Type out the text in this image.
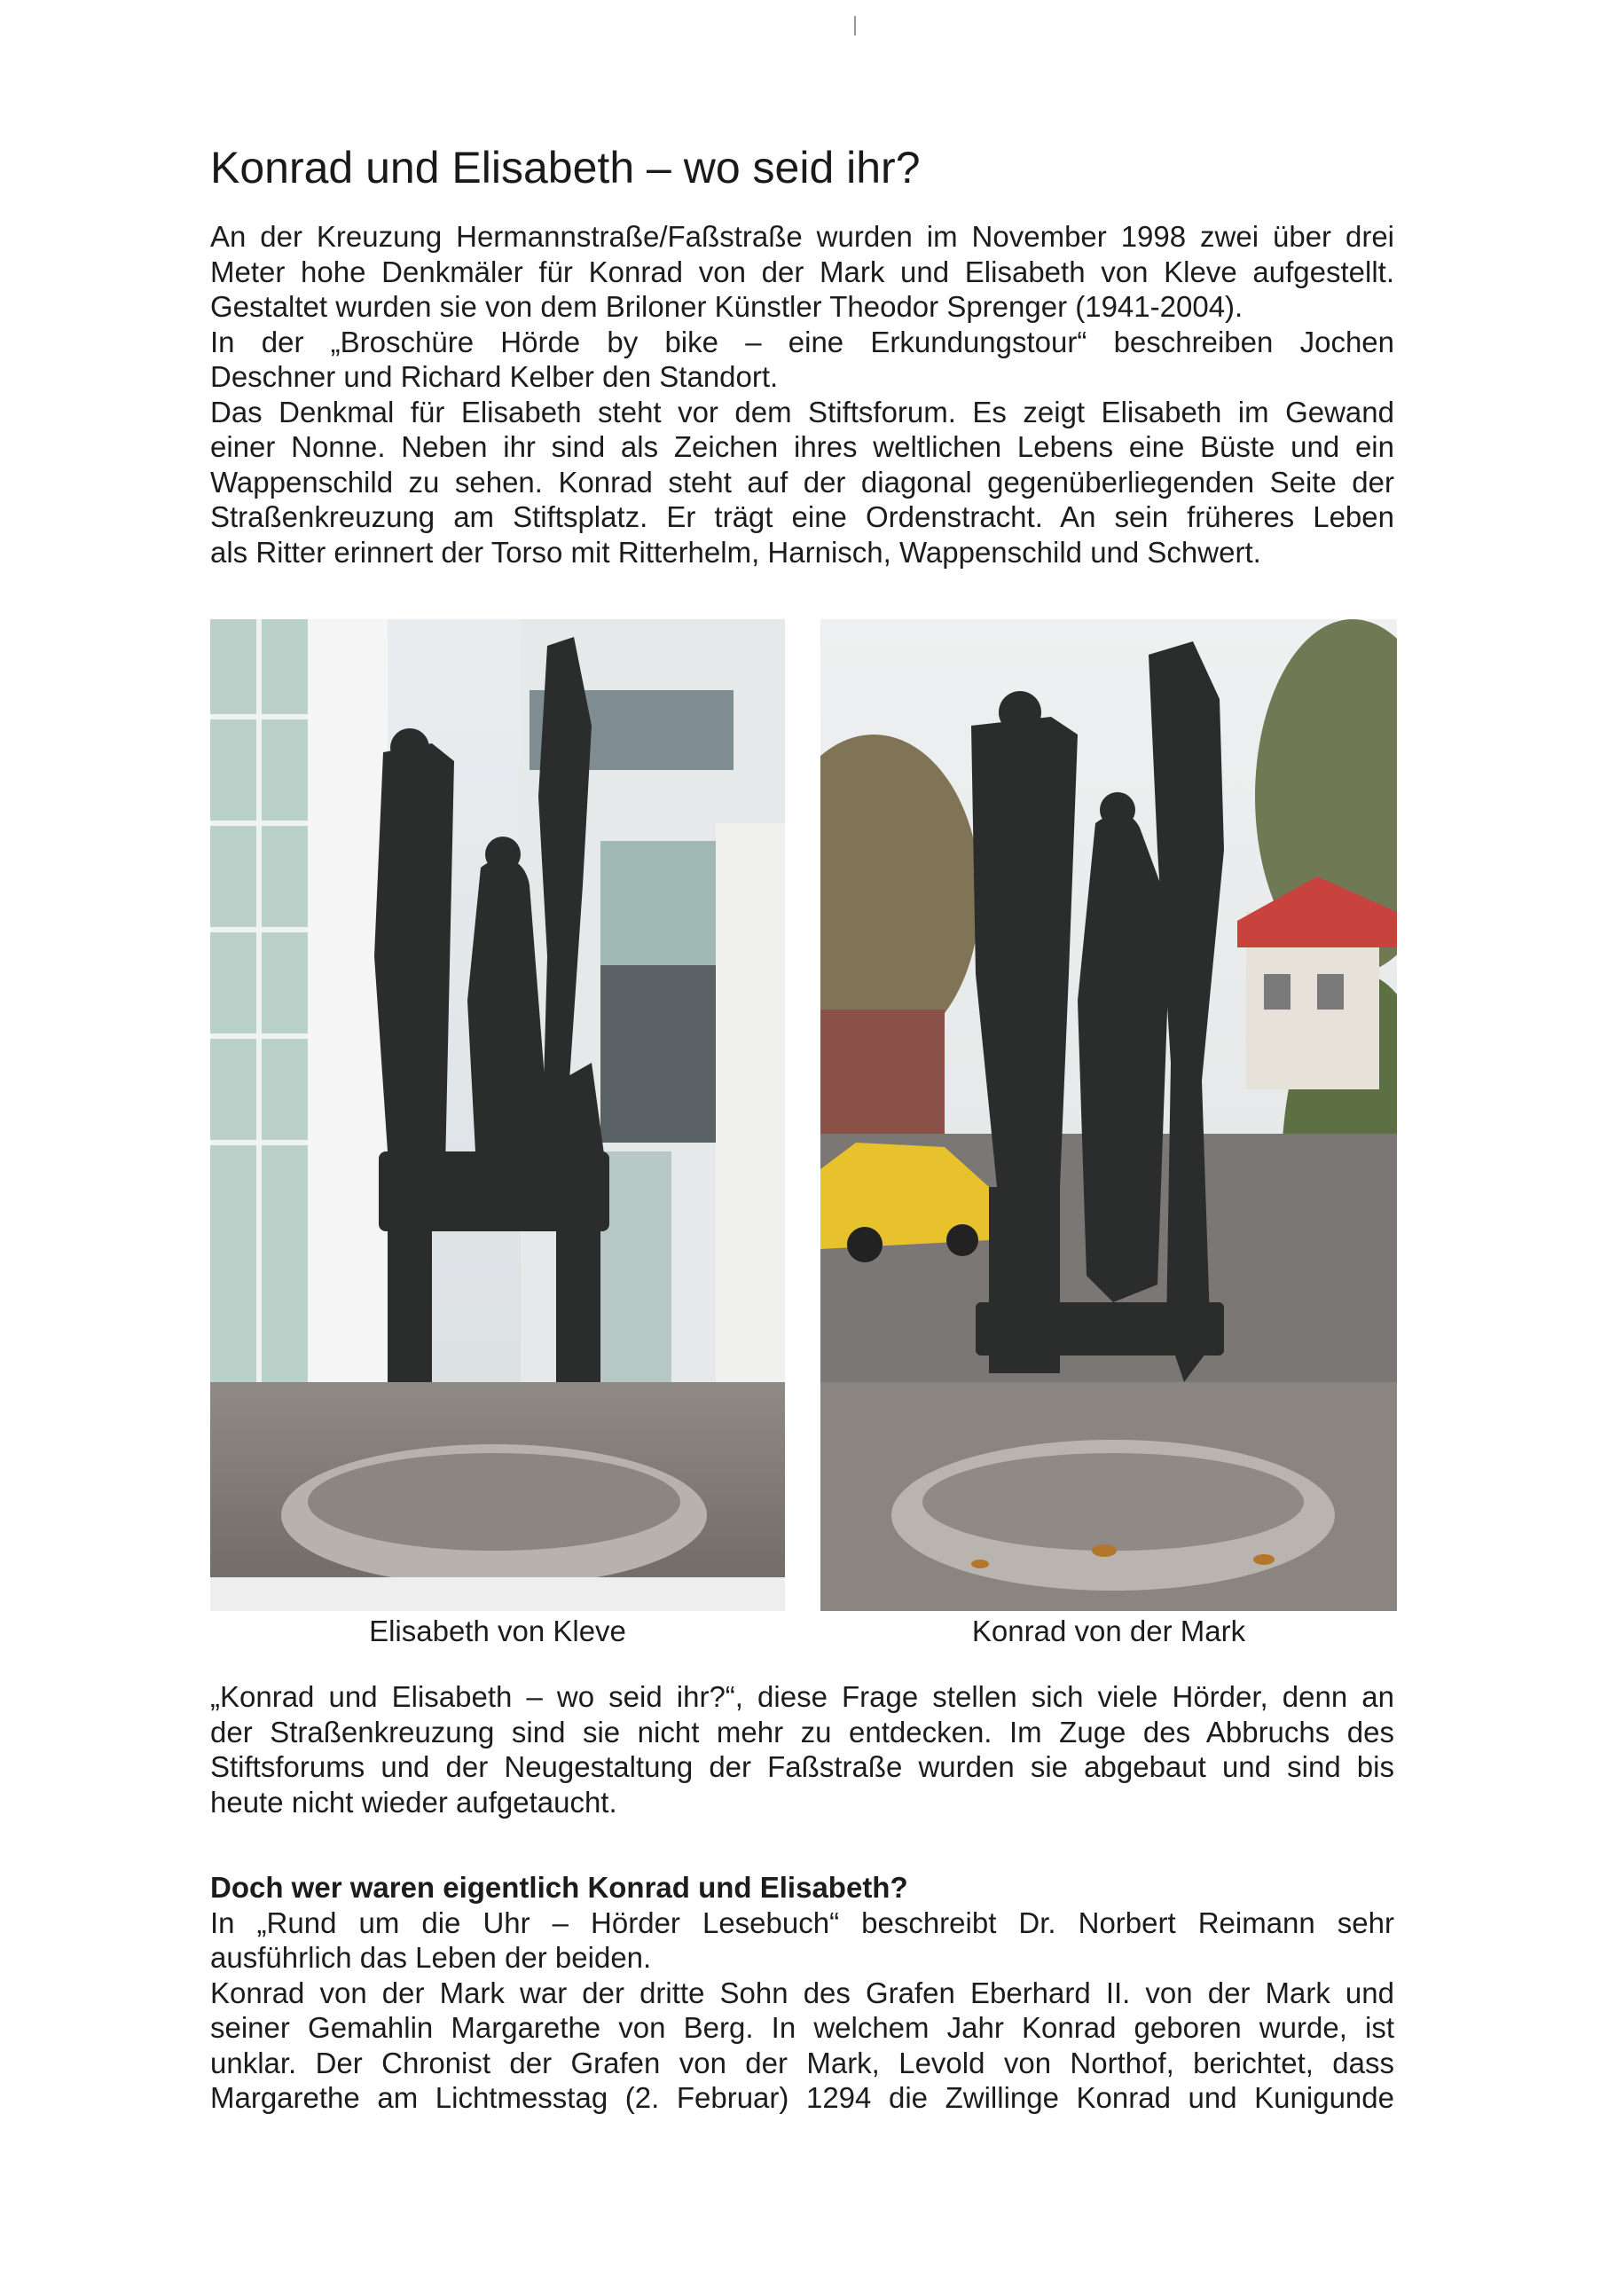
Konrad und Elisabeth – wo seid ihr?
An der Kreuzung Hermannstraße/Faßstraße wurden im November 1998 zwei über drei
Meter hohe Denkmäler für Konrad von der Mark und Elisabeth von Kleve aufgestellt.
Gestaltet wurden sie von dem Briloner Künstler Theodor Sprenger (1941-2004).
In der „Broschüre Hörde by bike – eine Erkundungstour“ beschreiben Jochen
Deschner und Richard Kelber den Standort.
Das Denkmal für Elisabeth steht vor dem Stiftsforum. Es zeigt Elisabeth im Gewand
einer Nonne. Neben ihr sind als Zeichen ihres weltlichen Lebens eine Büste und ein
Wappenschild zu sehen. Konrad steht auf der diagonal gegenüberliegenden Seite der
Straßenkreuzung am Stiftsplatz. Er trägt eine Ordenstracht. An sein früheres Leben
als Ritter erinnert der Torso mit Ritterhelm, Harnisch, Wappenschild und Schwert.
Elisabeth von Kleve	Konrad von der Mark
„Konrad und Elisabeth – wo seid ihr?“, diese Frage stellen sich viele Hörder, denn an
der Straßenkreuzung sind sie nicht mehr zu entdecken. Im Zuge des Abbruchs des
Stiftsforums und der Neugestaltung der Faßstraße wurden sie abgebaut und sind bis
heute nicht wieder aufgetaucht.
Doch wer waren eigentlich Konrad und Elisabeth?
In „Rund um die Uhr – Hörder Lesebuch“ beschreibt Dr. Norbert Reimann sehr
ausführlich das Leben der beiden.
Konrad von der Mark war der dritte Sohn des Grafen Eberhard II. von der Mark und
seiner Gemahlin Margarethe von Berg. In welchem Jahr Konrad geboren wurde, ist
unklar. Der Chronist der Grafen von der Mark, Levold von Northof, berichtet, dass
Margarethe am Lichtmesstag (2. Februar) 1294 die Zwillinge Konrad und Kunigunde
